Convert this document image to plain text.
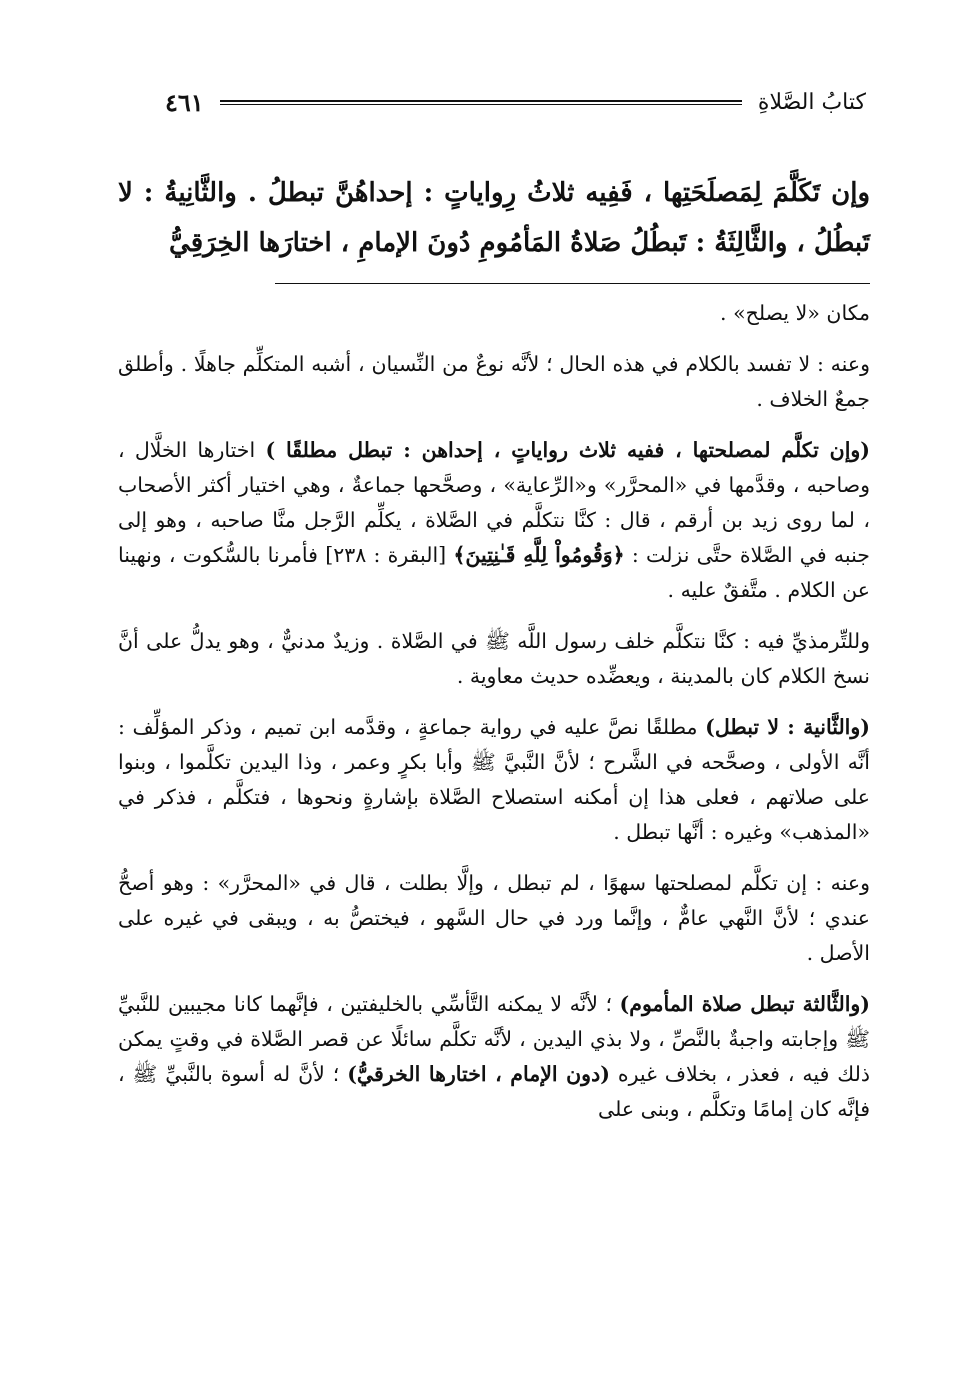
كتابُ الصَّلاةِ
٤٦١
وإن تَكَلَّمَ لِمَصلَحَتِها ، فَفِيه ثلاثُ رِواياتٍ : إحداهُنَّ تبطلُ . والثَّانِيةُ : لا تَبطُلُ ، والثَّالِثَةُ : تَبطُلُ صَلاةُ المَأمُومِ دُونَ الإمامِ ، اختارَها الخِرَقِيُّ

مكان «لا يصلح» .

وعنه : لا تفسد بالكلام في هذه الحال ؛ لأنَّه نوعٌ من النِّسيان ، أشبه المتكلِّم جاهلًا . وأطلق جمعٌ الخلاف .

(وإن تكلَّم لمصلحتها ، ففيه ثلاث رواياتٍ ، إحداهن : تبطل مطلقًا ) اختارها الخلَّال ، وصاحبه ، وقدَّمها في «المحرَّر» و«الرِّعاية» ، وصحَّحها جماعةٌ ، وهي اختيار أكثر الأصحاب ، لما روى زيد بن أرقم ، قال : كنَّا نتكلَّم في الصَّلاة ، يكلِّم الرَّجل منَّا صاحبه ، وهو إلى جنبه في الصَّلاة حتَّى نزلت : ﴿وَقُومُواْ لِلَّهِ قَـٰنِتِينَ﴾ [البقرة : ٢٣٨] فأمرنا بالسُّكوت ، ونهينا عن الكلام . متَّفقٌ عليه .

وللتِّرمذيِّ فيه : كنَّا نتكلَّم خلف رسول اللَّه ﷺ في الصَّلاة . وزيدٌ مدنيٌّ ، وهو يدلُّ على أنَّ نسخ الكلام كان بالمدينة ، ويعضِّده حديث معاوية .

(والثَّانية : لا تبطل) مطلقًا نصَّ عليه في رواية جماعةٍ ، وقدَّمه ابن تميم ، وذكر المؤلِّف : أنَّه الأولى ، وصحَّحه في الشَّرح ؛ لأنَّ النَّبيَّ ﷺ وأبا بكرٍ وعمر ، وذا اليدين تكلَّموا ، وبنوا على صلاتهم ، فعلى هذا إن أمكنه استصلاح الصَّلاة بإشارةٍ ونحوها ، فتكلَّم ، فذكر في «المذهب» وغيره : أنَّها تبطل .

وعنه : إن تكلَّم لمصلحتها سهوًا ، لم تبطل ، وإلَّا بطلت ، قال في «المحرَّر» : وهو أصحُّ عندي ؛ لأنَّ النَّهي عامٌّ ، وإنَّما ورد في حال السَّهو ، فيختصُّ به ، ويبقى في غيره على الأصل .

(والثَّالثة تبطل صلاة المأموم) ؛ لأنَّه لا يمكنه التَّأسِّي بالخليفتين ، فإنَّهما كانا مجيبين للنَّبيِّ ﷺ وإجابته واجبةٌ بالنَّصِّ ، ولا بذي اليدين ، لأنَّه تكلَّم سائلًا عن قصر الصَّلاة في وقتٍ يمكن ذلك فيه ، فعذر ، بخلاف غيره (دون الإمام ، اختارها الخرقيُّ) ؛ لأنَّ له أسوة بالنَّبيِّ ﷺ ، فإنَّه كان إمامًا وتكلَّم ، وبنى على
